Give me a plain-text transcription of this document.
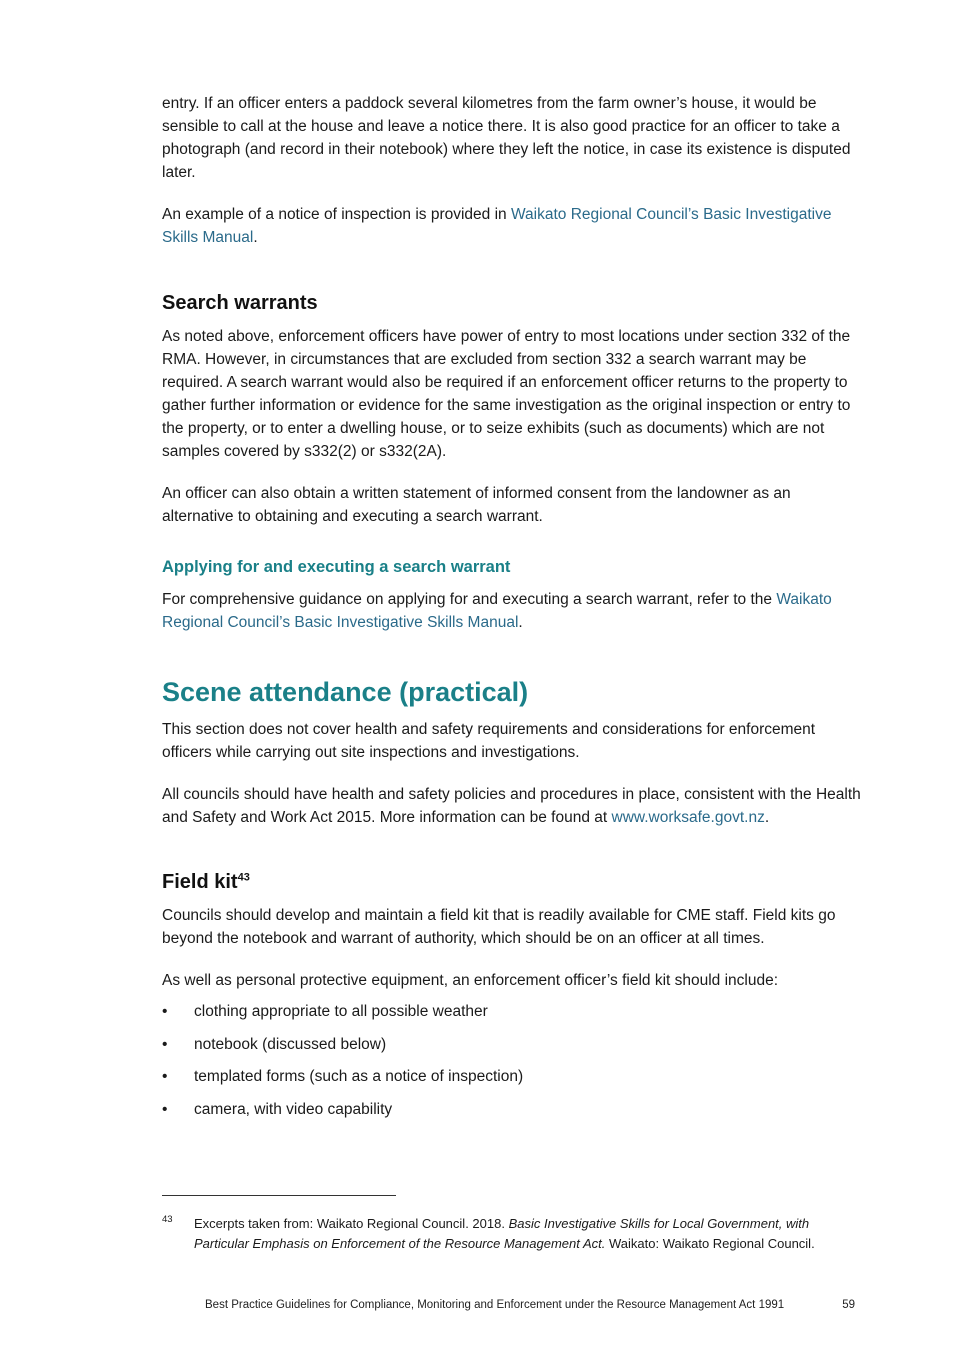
entry. If an officer enters a paddock several kilometres from the farm owner’s house, it would be sensible to call at the house and leave a notice there. It is also good practice for an officer to take a photograph (and record in their notebook) where they left the notice, in case its existence is disputed later.

An example of a notice of inspection is provided in Waikato Regional Council’s Basic Investigative Skills Manual.

Search warrants

As noted above, enforcement officers have power of entry to most locations under section 332 of the RMA. However, in circumstances that are excluded from section 332 a search warrant may be required. A search warrant would also be required if an enforcement officer returns to the property to gather further information or evidence for the same investigation as the original inspection or entry to the property, or to enter a dwelling house, or to seize exhibits (such as documents) which are not samples covered by s332(2) or s332(2A).

An officer can also obtain a written statement of informed consent from the landowner as an alternative to obtaining and executing a search warrant.

Applying for and executing a search warrant

For comprehensive guidance on applying for and executing a search warrant, refer to the Waikato Regional Council’s Basic Investigative Skills Manual.

Scene attendance (practical)

This section does not cover health and safety requirements and considerations for enforcement officers while carrying out site inspections and investigations.

All councils should have health and safety policies and procedures in place, consistent with the Health and Safety and Work Act 2015. More information can be found at www.worksafe.govt.nz.

Field kit$^{43}$

Councils should develop and maintain a field kit that is readily available for CME staff. Field kits go beyond the notebook and warrant of authority, which should be on an officer at all times.

As well as personal protective equipment, an enforcement officer’s field kit should include:

• clothing appropriate to all possible weather
• notebook (discussed below)
• templated forms (such as a notice of inspection)
• camera, with video capability
43 Excerpts taken from: Waikato Regional Council. 2018. Basic Investigative Skills for Local Government, with Particular Emphasis on Enforcement of the Resource Management Act. Waikato: Waikato Regional Council.
Best Practice Guidelines for Compliance, Monitoring and Enforcement under the Resource Management Act 1991	59
